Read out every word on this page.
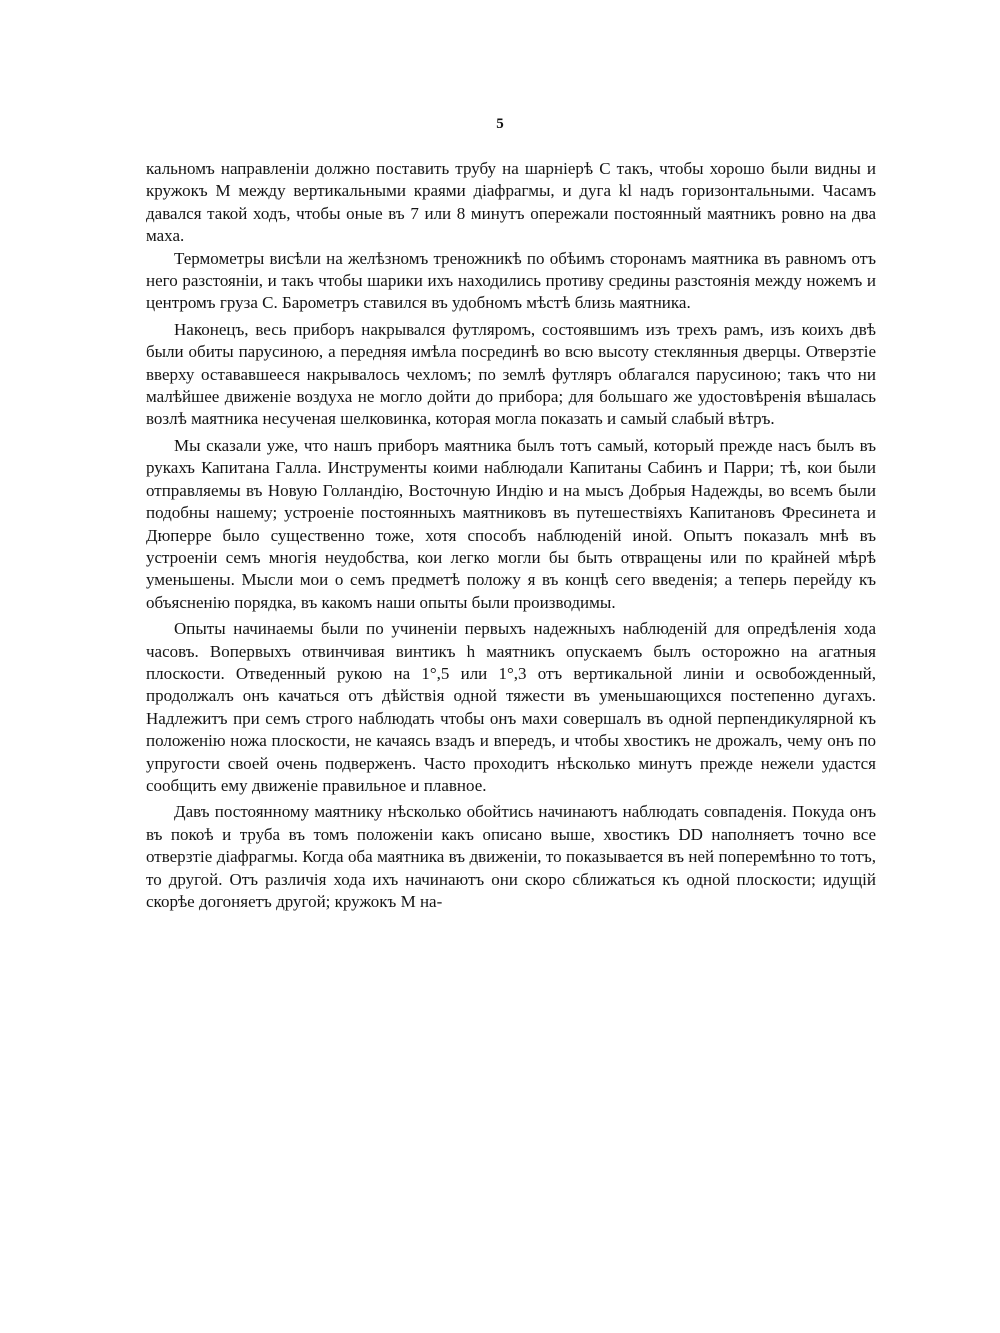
5

кальномъ направленіи должно поставить трубу на шарніерѣ C такъ, чтобы хорошо были видны и кружокъ M между вертикальными краями діафрагмы, и дуга kl надъ горизонтальными. Часамъ давался такой ходъ, чтобы оные въ 7 или 8 минутъ опережали постоянный маятникъ ровно на два маха.

Термометры висѣли на желѣзномъ треножникѣ по обѣимъ сторонамъ маятника въ равномъ отъ него разстояніи, и такъ чтобы шарики ихъ находились противу средины разстоянія между ножемъ и центромъ груза C. Барометръ ставился въ удобномъ мѣстѣ близь маятника.

Наконецъ, весь приборъ накрывался футляромъ, состоявшимъ изъ трехъ рамъ, изъ коихъ двѣ были обиты парусиною, а передняя имѣла посрединѣ во всю высоту стеклянныя дверцы. Отверзтіе вверху остававшееся накрывалось чехломъ; по землѣ футляръ облагался парусиною; такъ что ни малѣйшее движеніе воздуха не могло дойти до прибора; для большаго же удостовѣренія вѣшалась возлѣ маятника несученая шелковинка, которая могла показать и самый слабый вѣтръ.

Мы сказали уже, что нашъ приборъ маятника былъ тотъ самый, который прежде насъ былъ въ рукахъ Капитана Галла. Инструменты коими наблюдали Капитаны Сабинъ и Парри; тѣ, кои были отправляемы въ Новую Голландію, Восточную Индію и на мысъ Добрыя Надежды, во всемъ были подобны нашему; устроеніе постоянныхъ маятниковъ въ путешествіяхъ Капитановъ Фресинета и Дюперре было существенно тоже, хотя способъ наблюденій иной. Опытъ показалъ мнѣ въ устроеніи семъ многія неудобства, кои легко могли бы быть отвращены или по крайней мѣрѣ уменьшены. Мысли мои о семъ предметѣ положу я въ концѣ сего введенія; а теперь перейду къ объясненію порядка, въ какомъ наши опыты были производимы.

Опыты начинаемы были по учиненіи первыхъ надежныхъ наблюденій для опредѣленія хода часовъ. Вопервыхъ отвинчивая винтикъ h маятникъ опускаемъ былъ осторожно на агатныя плоскости. Отведенный рукою на 1°,5 или 1°,3 отъ вертикальной линіи и освобожденный, продолжалъ онъ качаться отъ дѣйствія одной тяжести въ уменьшающихся постепенно дугахъ. Надлежитъ при семъ строго наблюдать чтобы онъ махи совершалъ въ одной перпендикулярной къ положенію ножа плоскости, не качаясь взадъ и впередъ, и чтобы хвостикъ не дрожалъ, чему онъ по упругости своей очень подверженъ. Часто проходитъ нѣсколько минутъ прежде нежели удастся сообщить ему движеніе правильное и плавное.

Давъ постоянному маятнику нѣсколько обойтись начинаютъ наблюдать совпаденія. Покуда онъ въ покоѣ и труба въ томъ положеніи какъ описано выше, хвостикъ DD наполняетъ точно все отверзтіе діафрагмы. Когда оба маятника въ движеніи, то показывается въ ней поперемѣнно то тотъ, то другой. Отъ различія хода ихъ начинаютъ они скоро сближаться къ одной плоскости; идущій скорѣе догоняетъ другой; кружокъ M на-
